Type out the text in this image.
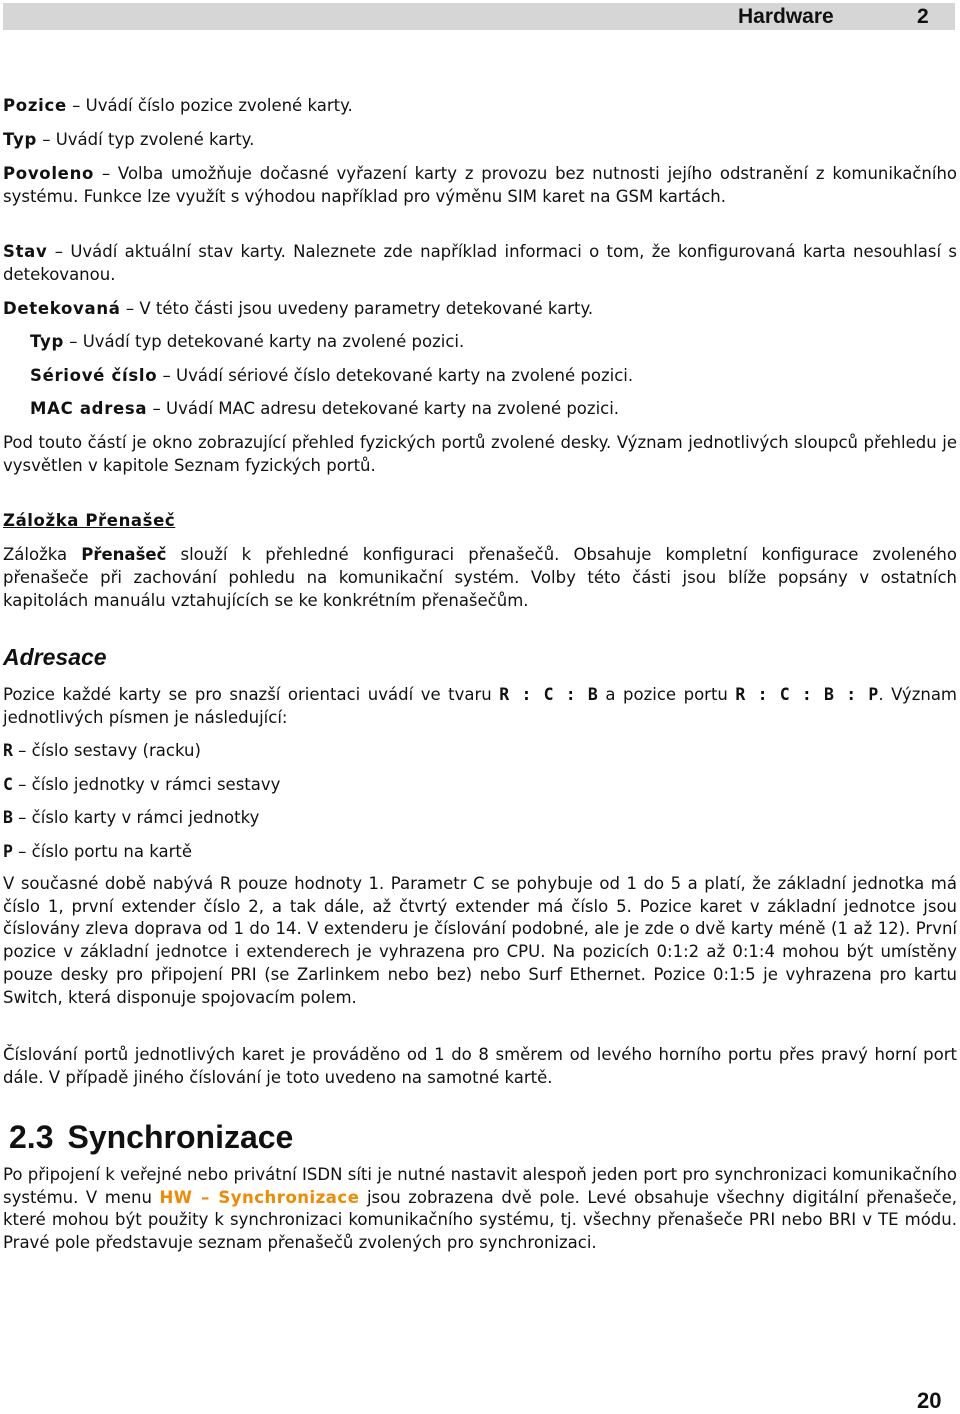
Hardware	2

Pozice – Uvádí číslo pozice zvolené karty.

Typ – Uvádí typ zvolené karty.

Povoleno – Volba umožňuje dočasné vyřazení karty z provozu bez nutnosti jejího odstranění z komunikačního systému. Funkce lze využít s výhodou například pro výměnu SIM karet na GSM kartách.

Stav – Uvádí aktuální stav karty. Naleznete zde například informaci o tom, že konfigurovaná karta nesouhlasí s detekovanou.

Detekovaná – V této části jsou uvedeny parametry detekované karty.

Typ – Uvádí typ detekované karty na zvolené pozici.

Sériové číslo – Uvádí sériové číslo detekované karty na zvolené pozici.

MAC adresa – Uvádí MAC adresu detekované karty na zvolené pozici.

Pod touto částí je okno zobrazující přehled fyzických portů zvolené desky. Význam jednotlivých sloupců přehledu je vysvětlen v kapitole Seznam fyzických portů.

Záložka Přenašeč

Záložka Přenašeč slouží k přehledné konfiguraci přenašečů. Obsahuje kompletní konfigurace zvoleného přenašeče při zachování pohledu na komunikační systém. Volby této části jsou blíže popsány v ostatních kapitolách manuálu vztahujících se ke konkrétním přenašečům.

Adresace

Pozice každé karty se pro snazší orientaci uvádí ve tvaru R : C : B a pozice portu R : C : B : P. Význam jednotlivých písmen je následující:

R – číslo sestavy (racku)

C – číslo jednotky v rámci sestavy

B – číslo karty v rámci jednotky

P – číslo portu na kartě

V současné době nabývá R pouze hodnoty 1. Parametr C se pohybuje od 1 do 5 a platí, že základní jednotka má číslo 1, první extender číslo 2, a tak dále, až čtvrtý extender má číslo 5. Pozice karet v základní jednotce jsou číslovány zleva doprava od 1 do 14. V extenderu je číslování podobné, ale je zde o dvě karty méně (1 až 12). První pozice v základní jednotce i extenderech je vyhrazena pro CPU. Na pozicích 0:1:2 až 0:1:4 mohou být umístěny pouze desky pro připojení PRI (se Zarlinkem nebo bez) nebo Surf Ethernet. Pozice 0:1:5 je vyhrazena pro kartu Switch, která disponuje spojovacím polem.

Číslování portů jednotlivých karet je prováděno od 1 do 8 směrem od levého horního portu přes pravý horní port dále. V případě jiného číslování je toto uvedeno na samotné kartě.

2.3 Synchronizace

Po připojení k veřejné nebo privátní ISDN síti je nutné nastavit alespoň jeden port pro synchronizaci komunikačního systému. V menu HW – Synchronizace jsou zobrazena dvě pole. Levé obsahuje všechny digitální přenašeče, které mohou být použity k synchronizaci komunikačního systému, tj. všechny přenašeče PRI nebo BRI v TE módu. Pravé pole představuje seznam přenašečů zvolených pro synchronizaci.

20
